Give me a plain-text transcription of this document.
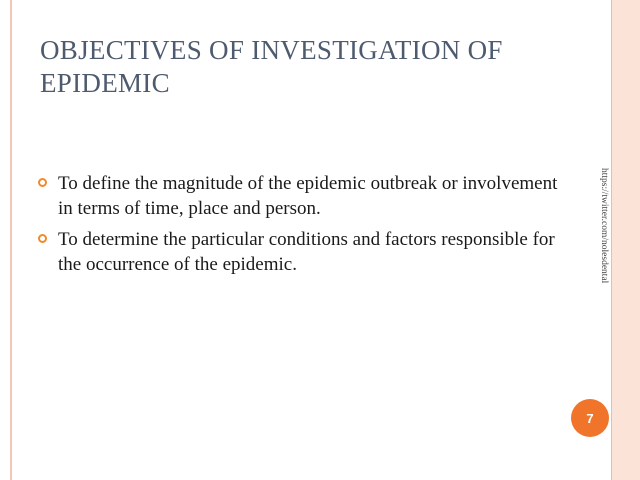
OBJECTIVES OF INVESTIGATION OF EPIDEMIC
To define the magnitude of the epidemic outbreak or involvement in terms of time, place and person.
To determine the particular conditions and factors responsible for the occurrence of the epidemic.	https://twitter.com/nolesdental
7
